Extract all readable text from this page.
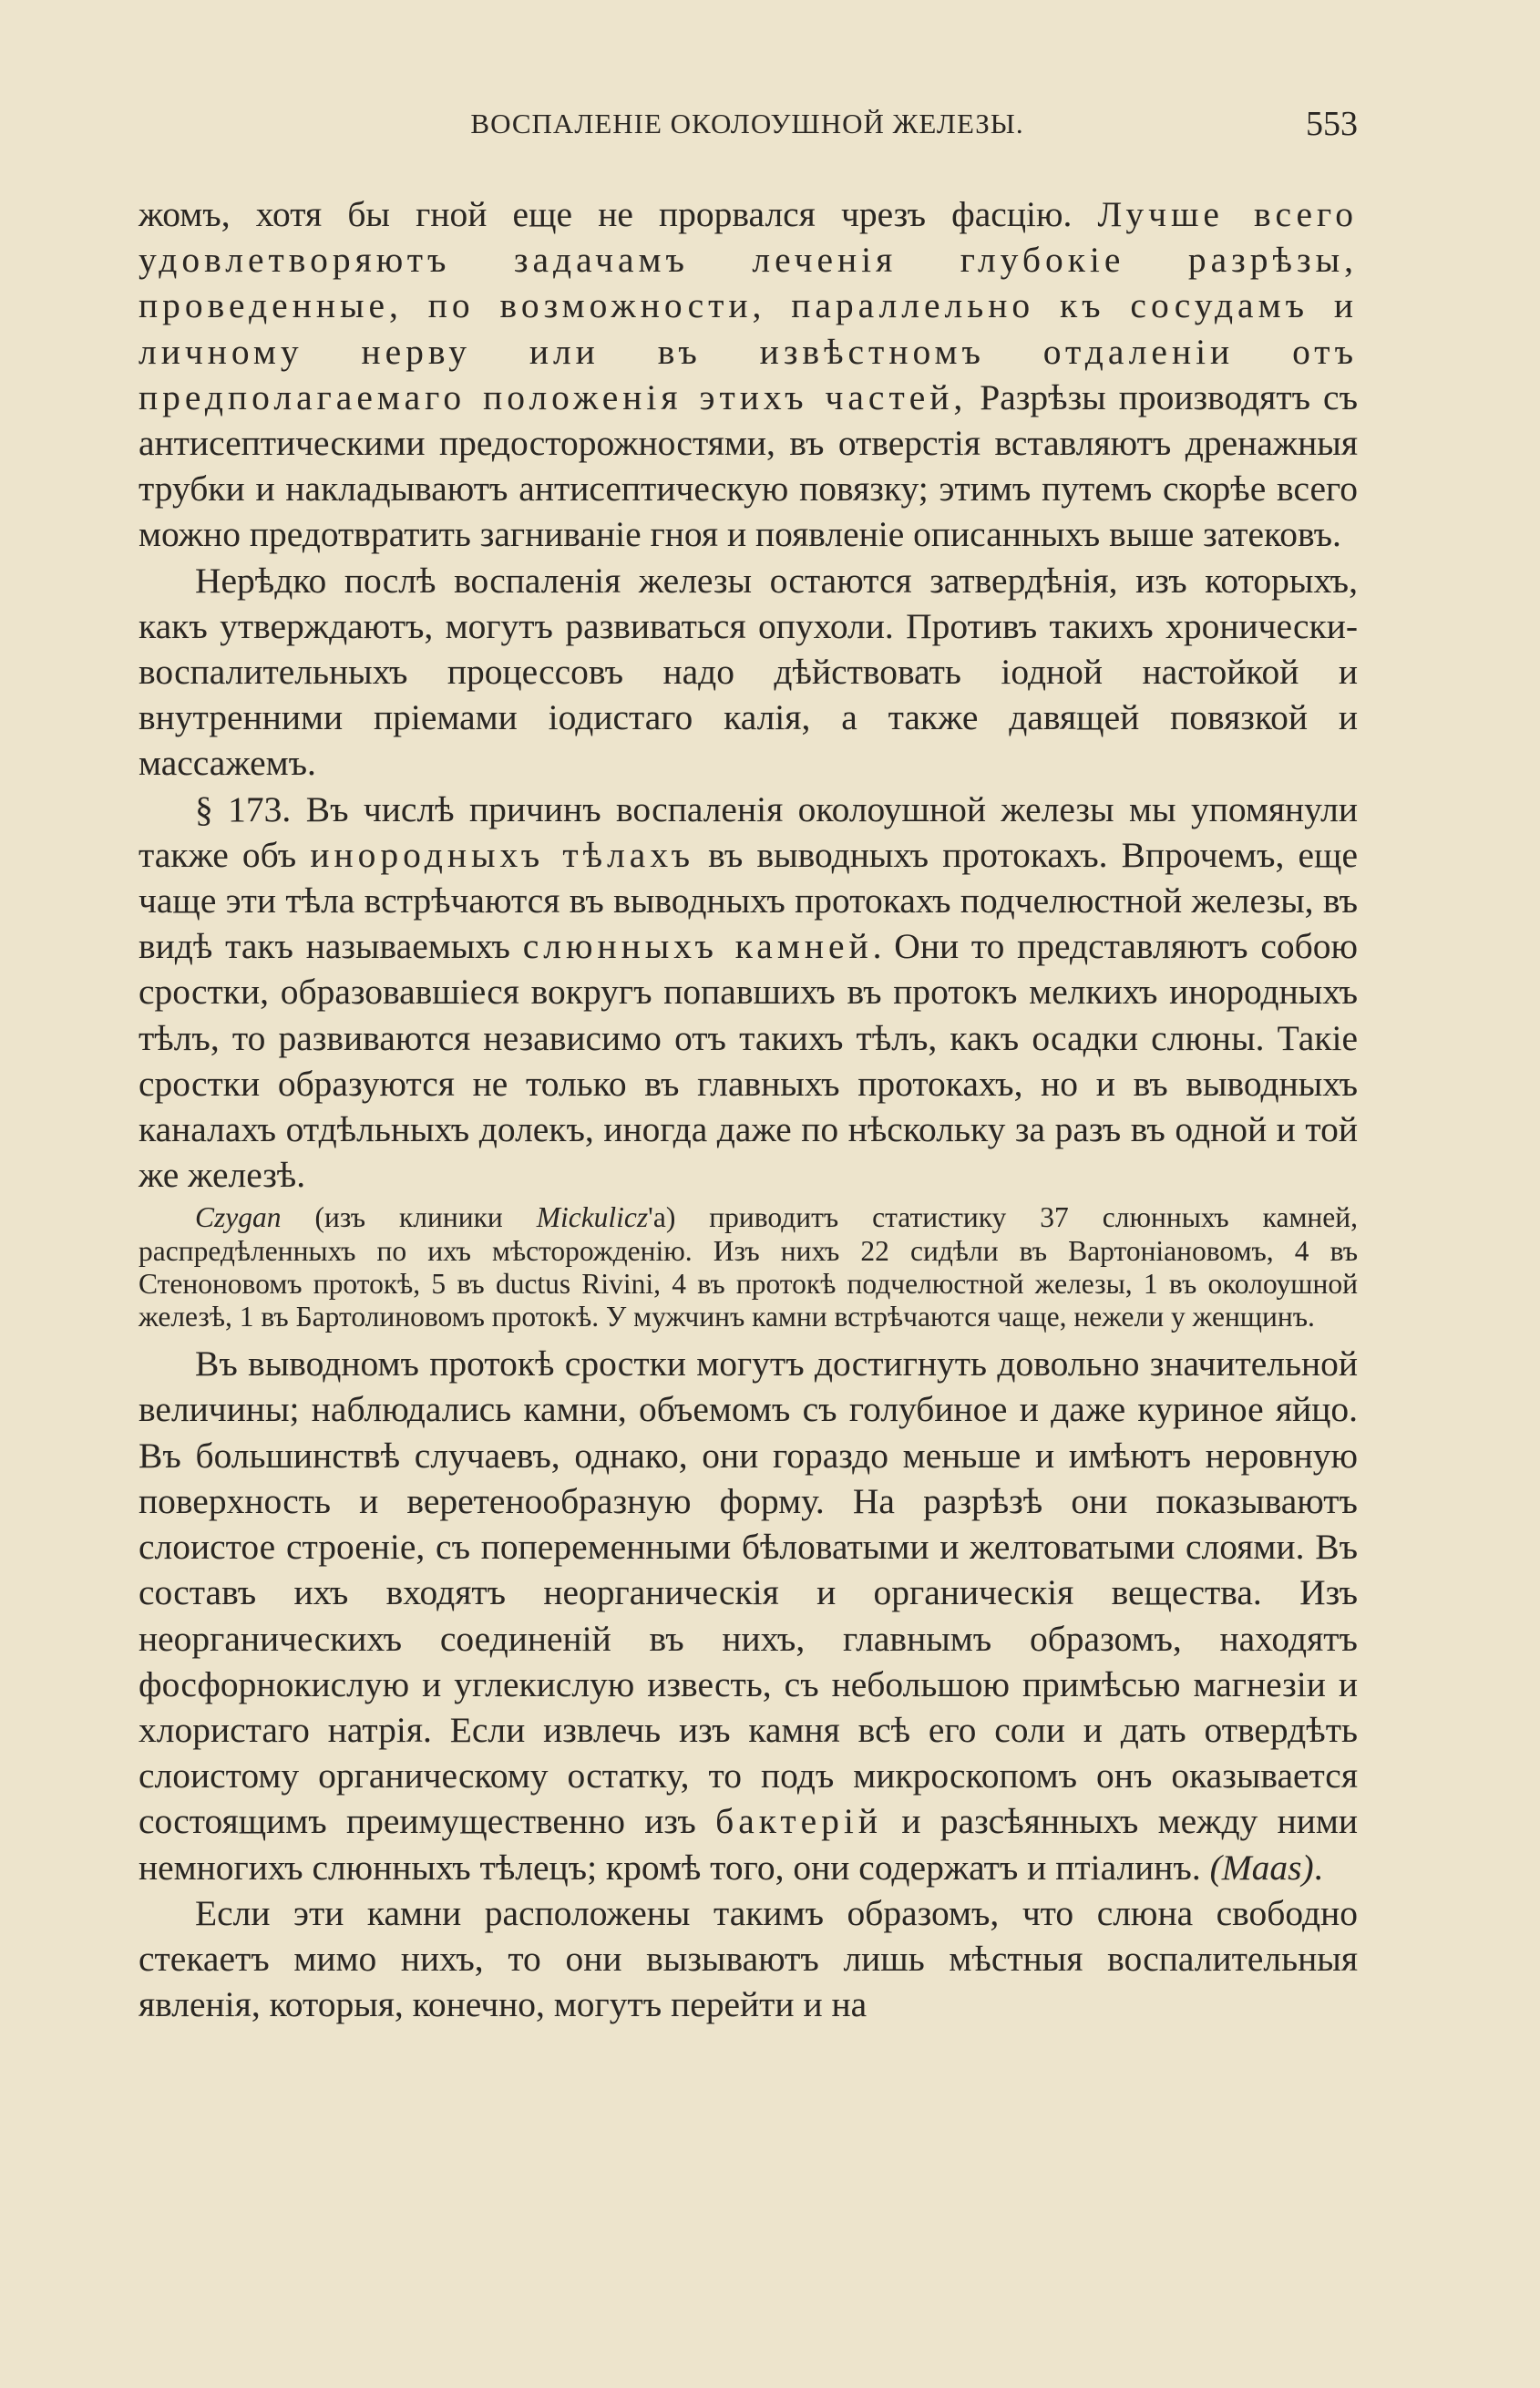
ВОСПАЛЕНІЕ ОКОЛОУШНОЙ ЖЕЛЕЗЫ.	553

жомъ, хотя бы гной еще не прорвался чрезъ фасцію. Лучше всего удовлетворяютъ задачамъ леченія глубокіе разрѣзы, проведенные, по возможности, параллельно къ сосудамъ и личному нерву или въ извѣстномъ отдаленіи отъ предполагаемаго положенія этихъ частей, Разрѣзы производятъ съ антисептическими предосторожностями, въ отверстія вставляютъ дренажныя трубки и накладываютъ антисептическую повязку; этимъ путемъ скорѣе всего можно предотвратить загниваніе гноя и появленіе описанныхъ выше затековъ.

Нерѣдко послѣ воспаленія железы остаются затвердѣнія, изъ которыхъ, какъ утверждаютъ, могутъ развиваться опухоли. Противъ такихъ хронически-воспалительныхъ процессовъ надо дѣйствовать іодной настойкой и внутренними пріемами іодистаго калія, а также давящей повязкой и массажемъ.

§ 173. Въ числѣ причинъ воспаленія околоушной железы мы упомянули также объ инородныхъ тѣлахъ въ выводныхъ протокахъ. Впрочемъ, еще чаще эти тѣла встрѣчаются въ выводныхъ протокахъ подчелюстной железы, въ видѣ такъ называемыхъ слюнныхъ камней. Они то представляютъ собою сростки, образовавшіеся вокругъ попавшихъ въ протокъ мелкихъ инородныхъ тѣлъ, то развиваются независимо отъ такихъ тѣлъ, какъ осадки слюны. Такіе сростки образуются не только въ главныхъ протокахъ, но и въ выводныхъ каналахъ отдѣльныхъ долекъ, иногда даже по нѣскольку за разъ въ одной и той же железѣ.

Czygan (изъ клиники Mickulicz'а) приводитъ статистику 37 слюнныхъ камней, распредѣленныхъ по ихъ мѣсторожденію. Изъ нихъ 22 сидѣли въ Вартоніановомъ, 4 въ Стеноновомъ протокѣ, 5 въ ductus Rivini, 4 въ протокѣ подчелюстной железы, 1 въ околоушной железѣ, 1 въ Бартолиновомъ протокѣ. У мужчинъ камни встрѣчаются чаще, нежели у женщинъ.

Въ выводномъ протокѣ сростки могутъ достигнуть довольно значительной величины; наблюдались камни, объемомъ съ голубиное и даже куриное яйцо. Въ большинствѣ случаевъ, однако, они гораздо меньше и имѣютъ неровную поверхность и веретенообразную форму. На разрѣзѣ они показываютъ слоистое строеніе, съ попеременными бѣловатыми и желтоватыми слоями. Въ составъ ихъ входятъ неорганическія и органическія вещества. Изъ неорганическихъ соединеній въ нихъ, главнымъ образомъ, находятъ фосфорнокислую и углекислую известь, съ небольшою примѣсью магнезіи и хлористаго натрія. Если извлечь изъ камня всѣ его соли и дать отвердѣть слоистому органическому остатку, то подъ микроскопомъ онъ оказывается состоящимъ преимущественно изъ бактерій и разсѣянныхъ между ними немногихъ слюнныхъ тѣлецъ; кромѣ того, они содержатъ и птіалинъ. (Maas).

Если эти камни расположены такимъ образомъ, что слюна свободно стекаетъ мимо нихъ, то они вызываютъ лишь мѣстныя воспалительныя явленія, которыя, конечно, могутъ перейти и на
